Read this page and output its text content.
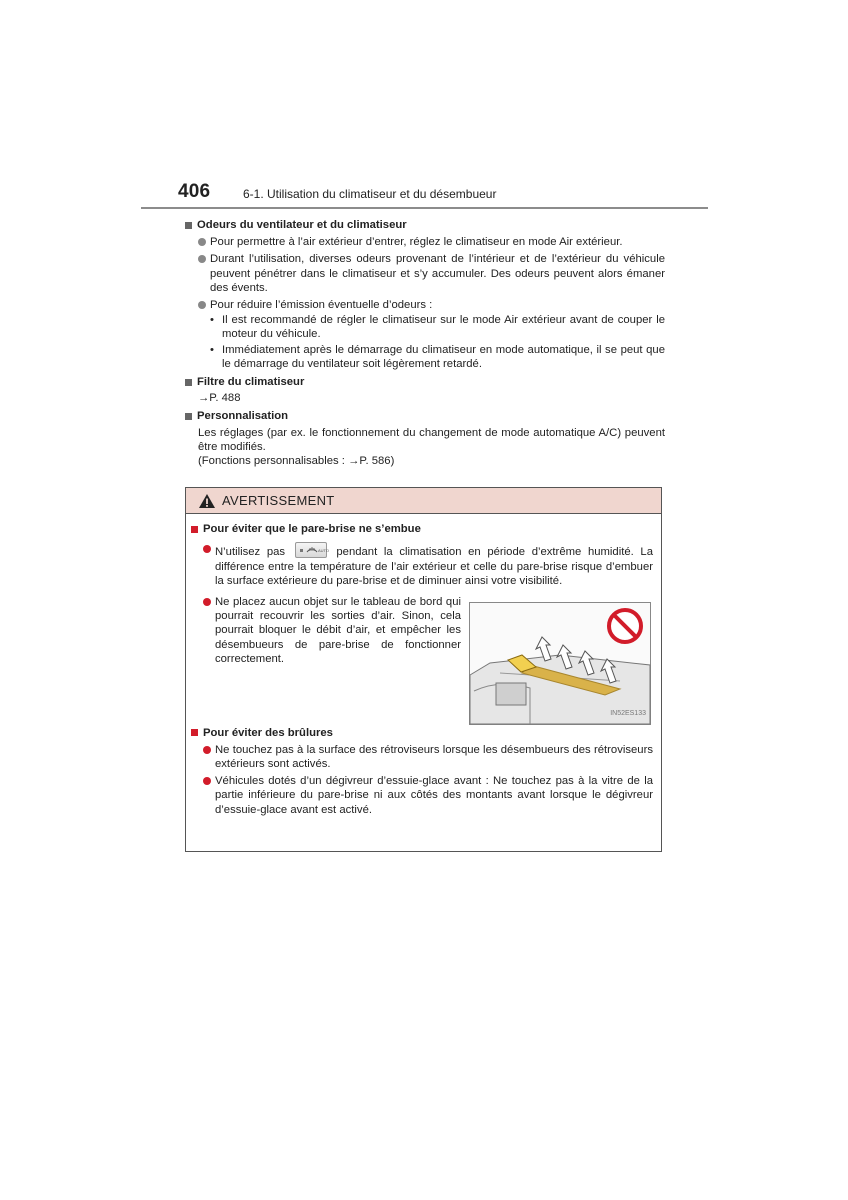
406	6-1. Utilisation du climatiseur et du désembueur
Odeurs du ventilateur et du climatiseur
Pour permettre à l’air extérieur d’entrer, réglez le climatiseur en mode Air extérieur.
Durant l’utilisation, diverses odeurs provenant de l’intérieur et de l’extérieur du véhicule peuvent pénétrer dans le climatiseur et s’y accumuler. Des odeurs peuvent alors émaner des évents.
Pour réduire l’émission éventuelle d’odeurs :
• Il est recommandé de régler le climatiseur sur le mode Air extérieur avant de couper le moteur du véhicule.
• Immédiatement après le démarrage du climatiseur en mode automatique, il se peut que le démarrage du ventilateur soit légèrement retardé.
Filtre du climatiseur
→P. 488
Personnalisation
Les réglages (par ex. le fonctionnement du changement de mode automatique A/C) peuvent être modifiés.
(Fonctions personnalisables : →P. 586)
AVERTISSEMENT
Pour éviter que le pare-brise ne s’embue
N’utilisez pas	AUTO pendant la climatisation en période d’extrême humidité. La différence entre la température de l’air extérieur et celle du pare-brise risque d’embuer la surface extérieure du pare-brise et de diminuer ainsi votre visibilité.
Ne placez aucun objet sur le tableau de bord qui pourrait recouvrir les sorties d’air. Sinon, cela pourrait bloquer le débit d’air, et empêcher les désembueurs de pare-brise de fonctionner correctement.
IN52ES133
Pour éviter des brûlures
Ne touchez pas à la surface des rétroviseurs lorsque les désembueurs des rétroviseurs extérieurs sont activés.
Véhicules dotés d’un dégivreur d’essuie-glace avant : Ne touchez pas à la vitre de la partie inférieure du pare-brise ni aux côtés des montants avant lorsque le dégivreur d’essuie-glace avant est activé.
